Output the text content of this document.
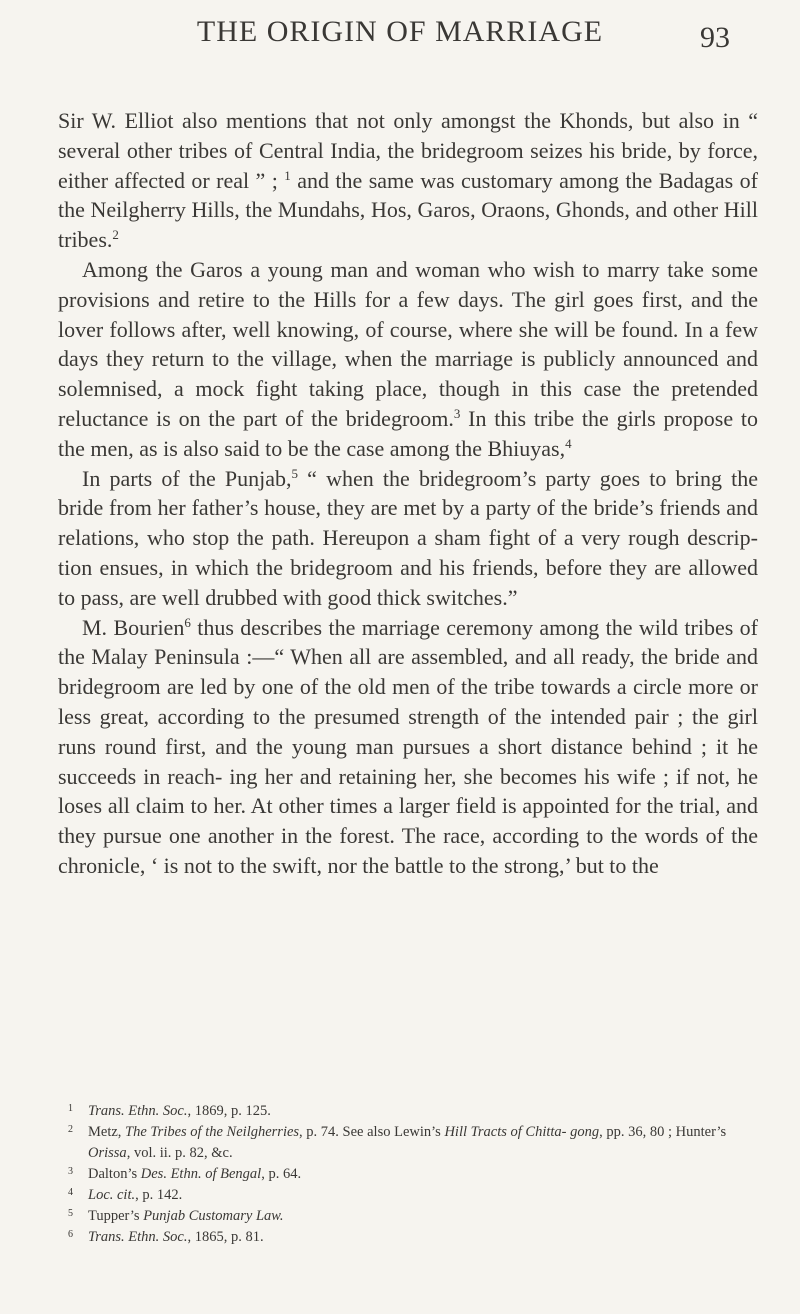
THE ORIGIN OF MARRIAGE	93

Sir W. Elliot also mentions that not only amongst the Khonds, but also in “ several other tribes of Central India, the bridegroom seizes his bride, by force, either affected or real ” ; $^1$ and the same was customary among the Badagas of the Neilgherry Hills, the Mundahs, Hos, Garos, Oraons, Ghonds, and other Hill tribes.$^2$

Among the Garos a young man and woman who wish to marry take some provisions and retire to the Hills for a few days. The girl goes first, and the lover follows after, well knowing, of course, where she will be found. In a few days they return to the village, when the marriage is publicly announced and solemnised, a mock fight taking place, though in this case the pretended reluctance is on the part of the bridegroom.$^3$ In this tribe the girls propose to the men, as is also said to be the case among the Bhiuyas,$^4$

In parts of the Punjab,$^5$ “ when the bridegroom’s party goes to bring the bride from her father’s house, they are met by a party of the bride’s friends and relations, who stop the path. Hereupon a sham fight of a very rough descrip- tion ensues, in which the bridegroom and his friends, before they are allowed to pass, are well drubbed with good thick switches.”

M. Bourien$^6$ thus describes the marriage ceremony among the wild tribes of the Malay Peninsula :—“ When all are assembled, and all ready, the bride and bridegroom are led by one of the old men of the tribe towards a circle more or less great, according to the presumed strength of the intended pair ; the girl runs round first, and the young man pursues a short distance behind ; it he succeeds in reach- ing her and retaining her, she becomes his wife ; if not, he loses all claim to her. At other times a larger field is appointed for the trial, and they pursue one another in the forest. The race, according to the words of the chronicle, ‘ is not to the swift, nor the battle to the strong,’ but to the

1 Trans. Ethn. Soc., 1869, p. 125.

2 Metz, The Tribes of the Neilgherries, p. 74. See also Lewin’s Hill Tracts of Chitta- gong, pp. 36, 80 ; Hunter’s Orissa, vol. ii. p. 82, &c.

3 Dalton’s Des. Ethn. of Bengal, p. 64.

4 Loc. cit., p. 142.

5 Tupper’s Punjab Customary Law.

6 Trans. Ethn. Soc., 1865, p. 81.
